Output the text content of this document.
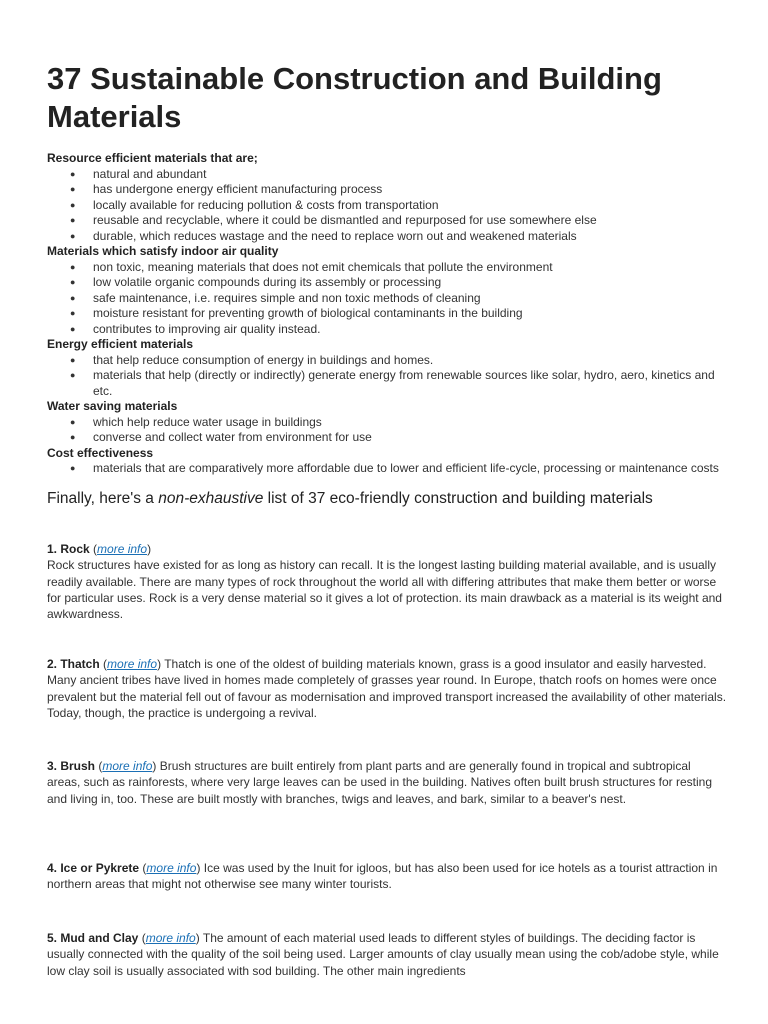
37 Sustainable Construction and Building Materials

Resource efficient materials that are;

● natural and abundant
● has undergone energy efficient manufacturing process
● locally available for reducing pollution & costs from transportation
● reusable and recyclable, where it could be dismantled and repurposed for use somewhere else
● durable, which reduces wastage and the need to replace worn out and weakened materials

Materials which satisfy indoor air quality

● non toxic, meaning materials that does not emit chemicals that pollute the environment
● low volatile organic compounds during its assembly or processing
● safe maintenance, i.e. requires simple and non toxic methods of cleaning
● moisture resistant for preventing growth of biological contaminants in the building
● contributes to improving air quality instead.

Energy efficient materials

● that help reduce consumption of energy in buildings and homes.
● materials that help (directly or indirectly) generate energy from renewable sources like solar, hydro, aero, kinetics and etc.

Water saving materials

● which help reduce water usage in buildings
● converse and collect water from environment for use

Cost effectiveness

● materials that are comparatively more affordable due to lower and efficient life-cycle, processing or maintenance costs

Finally, here's a non-exhaustive list of 37 eco-friendly construction and building materials

1. Rock (more info)
Rock structures have existed for as long as history can recall. It is the longest lasting building material available, and is usually readily available. There are many types of rock throughout the world all with differing attributes that make them better or worse for particular uses. Rock is a very dense material so it gives a lot of protection. its main drawback as a material is its weight and awkwardness.

2. Thatch (more info) Thatch is one of the oldest of building materials known, grass is a good insulator and easily harvested. Many ancient tribes have lived in homes made completely of grasses year round. In Europe, thatch roofs on homes were once prevalent but the material fell out of favour as modernisation and improved transport increased the availability of other materials. Today, though, the practice is undergoing a revival.

3. Brush (more info) Brush structures are built entirely from plant parts and are generally found in tropical and subtropical areas, such as rainforests, where very large leaves can be used in the building. Natives often built brush structures for resting and living in, too. These are built mostly with branches, twigs and leaves, and bark, similar to a beaver's nest.

4. Ice or Pykrete (more info) Ice was used by the Inuit for igloos, but has also been used for ice hotels as a tourist attraction in northern areas that might not otherwise see many winter tourists.

5. Mud and Clay (more info) The amount of each material used leads to different styles of buildings. The deciding factor is usually connected with the quality of the soil being used. Larger amounts of clay usually mean using the cob/adobe style, while low clay soil is usually associated with sod building. The other main ingredients
